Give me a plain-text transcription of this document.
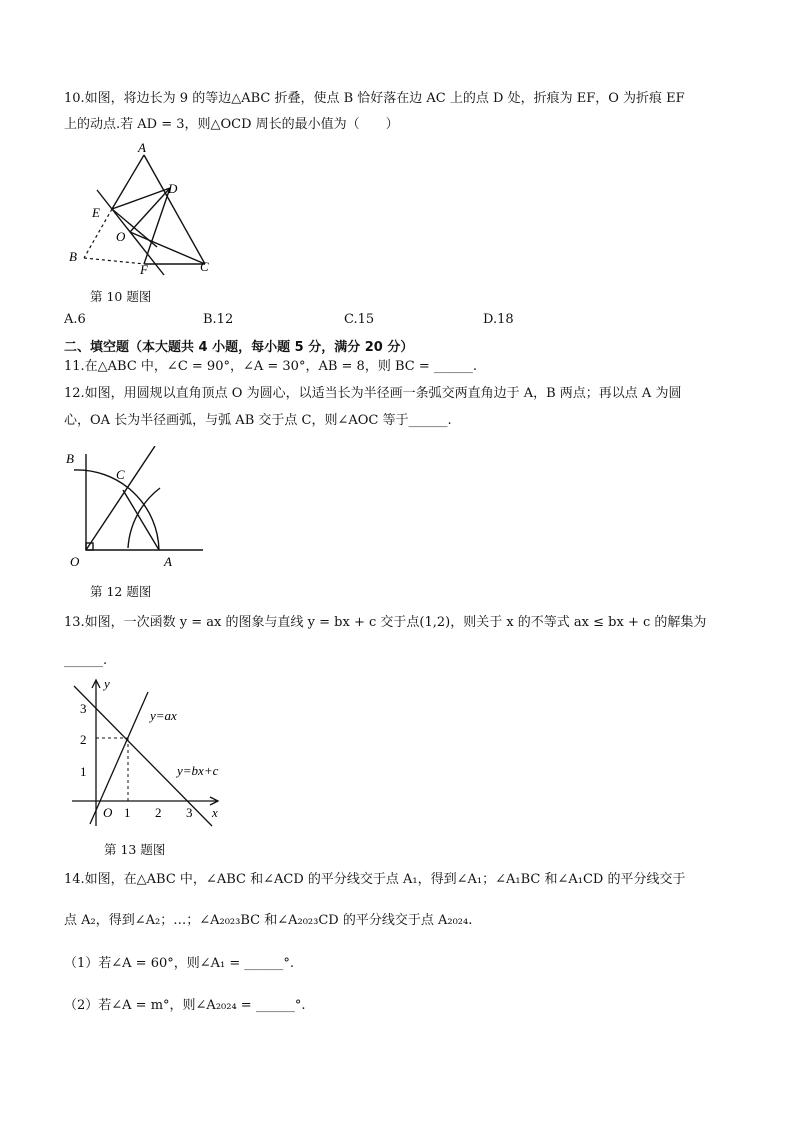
10.如图，将边长为 9 的等边△ABC 折叠，使点 B 恰好落在边 AC 上的点 D 处，折痕为 EF，O 为折痕 EF
上的动点.若 AD = 3，则△OCD 周长的最小值为（　　）
A
D
E
O
B
F	C
第 10 题图
A.6	B.12	C.15	D.18
二、填空题（本大题共 4 小题，每小题 5 分，满分 20 分）
11.在△ABC 中，∠C = 90°，∠A = 30°，AB = 8，则 BC = ______.
12.如图，用圆规以直角顶点 O 为圆心，以适当长为半径画一条弧交两直角边于 A，B 两点；再以点 A 为圆
心，OA 长为半径画弧，与弧 AB 交于点 C，则∠AOC 等于______.
B
C
O	A
第 12 题图
13.如图，一次函数 y = ax 的图象与直线 y = bx + c 交于点(1,2)，则关于 x 的不等式 ax ≤ bx + c 的解集为
______.
y
3
2
1
O 1 2 3 x
y=ax
y=bx+c
第 13 题图
14.如图，在△ABC 中，∠ABC 和∠ACD 的平分线交于点 A₁，得到∠A₁；∠A₁BC 和∠A₁CD 的平分线交于
点 A₂，得到∠A₂；…；∠A₂₀₂₃BC 和∠A₂₀₂₃CD 的平分线交于点 A₂₀₂₄.
（1）若∠A = 60°，则∠A₁ = ______°.
（2）若∠A = m°，则∠A₂₀₂₄ = ______°.
